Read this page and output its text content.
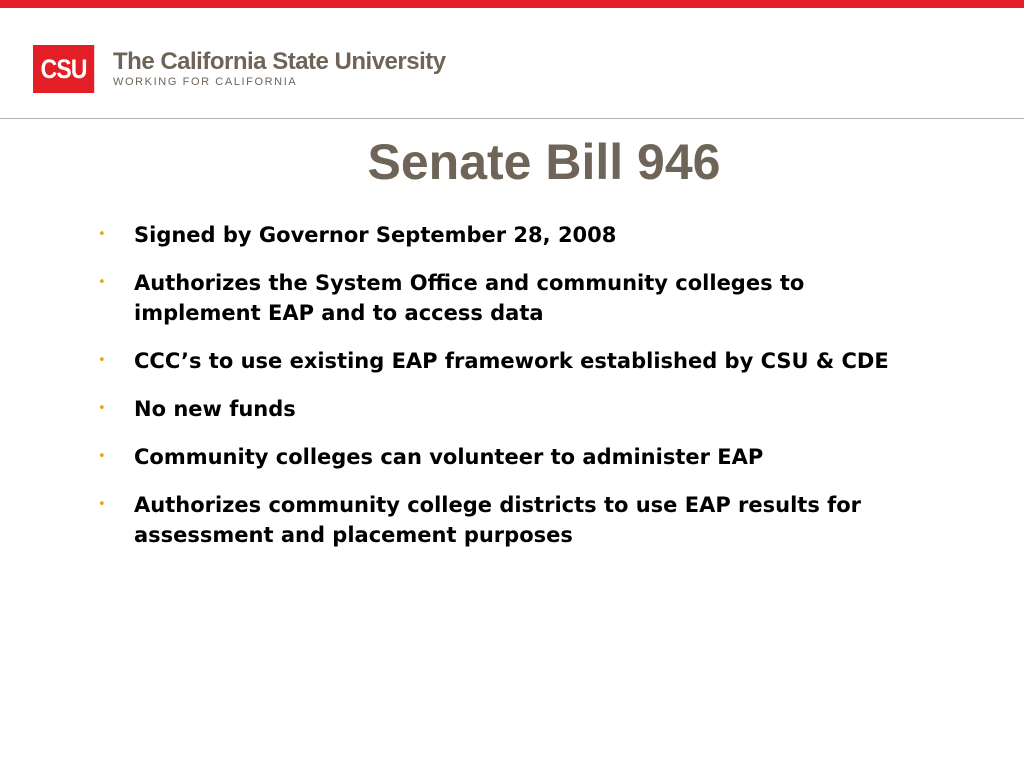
CSU	The California State University
WORKING FOR CALIFORNIA
Senate Bill 946
•	Signed by Governor September 28, 2008
•	Authorizes the System Office and community colleges to implement EAP and to access data
•	CCC’s to use existing EAP framework established by CSU & CDE
•	No new funds
•	Community colleges can volunteer to administer EAP
•	Authorizes community college districts to use EAP results for assessment and placement purposes
